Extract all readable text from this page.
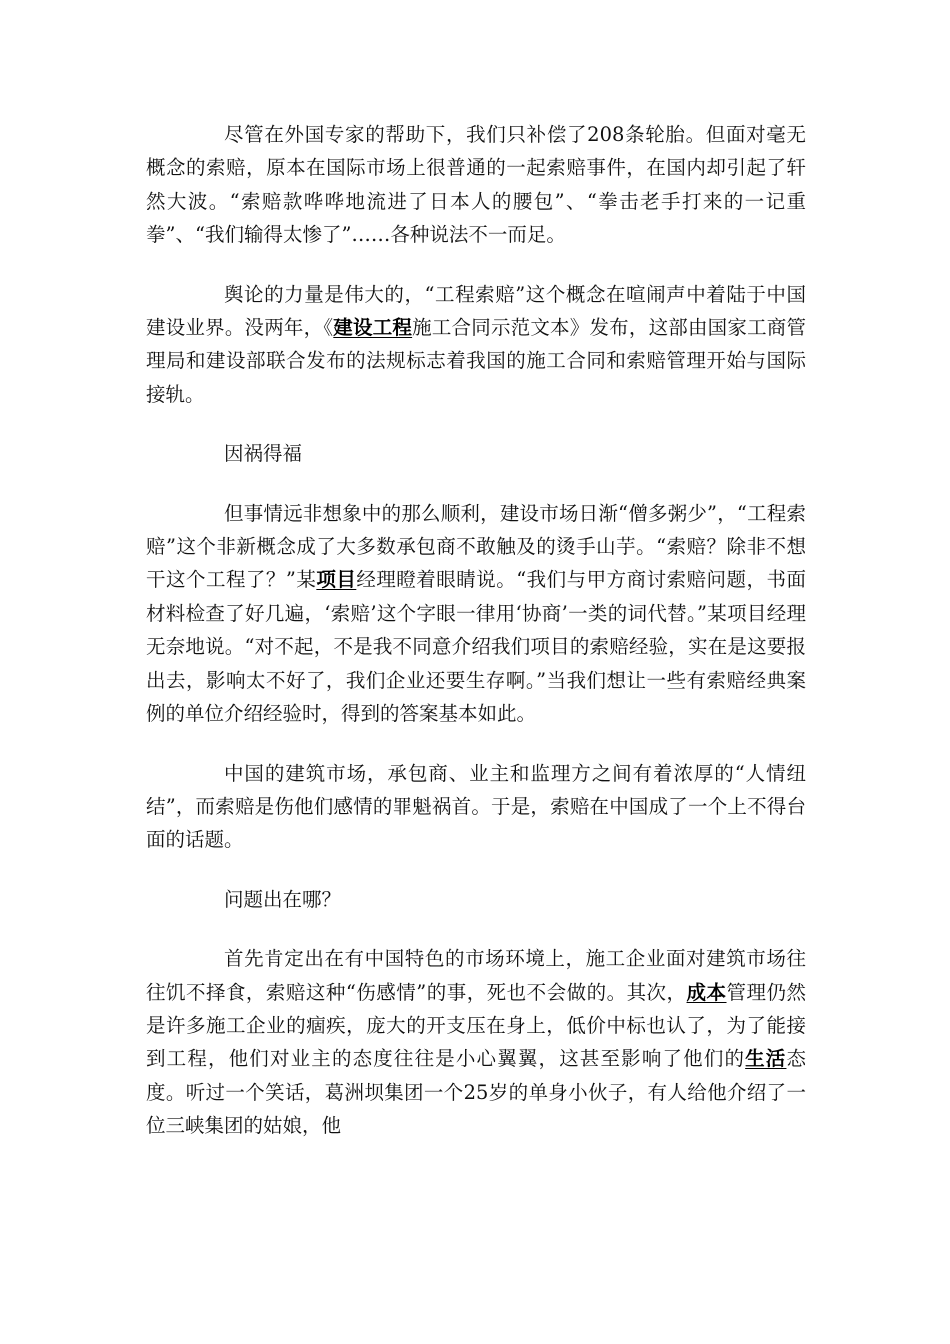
尽管在外国专家的帮助下，我们只补偿了208条轮胎。但面对毫无概念的索赔，原本在国际市场上很普通的一起索赔事件，在国内却引起了轩然大波。“索赔款哗哗地流进了日本人的腰包”、“拳击老手打来的一记重拳”、“我们输得太惨了”……各种说法不一而足。

舆论的力量是伟大的，“工程索赔”这个概念在喧闹声中着陆于中国建设业界。没两年，《建设工程施工合同示范文本》发布，这部由国家工商管理局和建设部联合发布的法规标志着我国的施工合同和索赔管理开始与国际接轨。

因祸得福

但事情远非想象中的那么顺利，建设市场日渐“僧多粥少”，“工程索赔”这个非新概念成了大多数承包商不敢触及的烫手山芋。“索赔？除非不想干这个工程了？”某项目经理瞪着眼睛说。“我们与甲方商讨索赔问题，书面材料检查了好几遍，‘索赔’这个字眼一律用‘协商’一类的词代替。”某项目经理无奈地说。“对不起，不是我不同意介绍我们项目的索赔经验，实在是这要报出去，影响太不好了，我们企业还要生存啊。”当我们想让一些有索赔经典案例的单位介绍经验时，得到的答案基本如此。

中国的建筑市场，承包商、业主和监理方之间有着浓厚的“人情纽结”，而索赔是伤他们感情的罪魁祸首。于是，索赔在中国成了一个上不得台面的话题。

问题出在哪？

首先肯定出在有中国特色的市场环境上，施工企业面对建筑市场往往饥不择食，索赔这种“伤感情”的事，死也不会做的。其次，成本管理仍然是许多施工企业的痼疾，庞大的开支压在身上，低价中标也认了，为了能接到工程，他们对业主的态度往往是小心翼翼，这甚至影响了他们的生活态度。听过一个笑话，葛洲坝集团一个25岁的单身小伙子，有人给他介绍了一位三峡集团的姑娘，他
